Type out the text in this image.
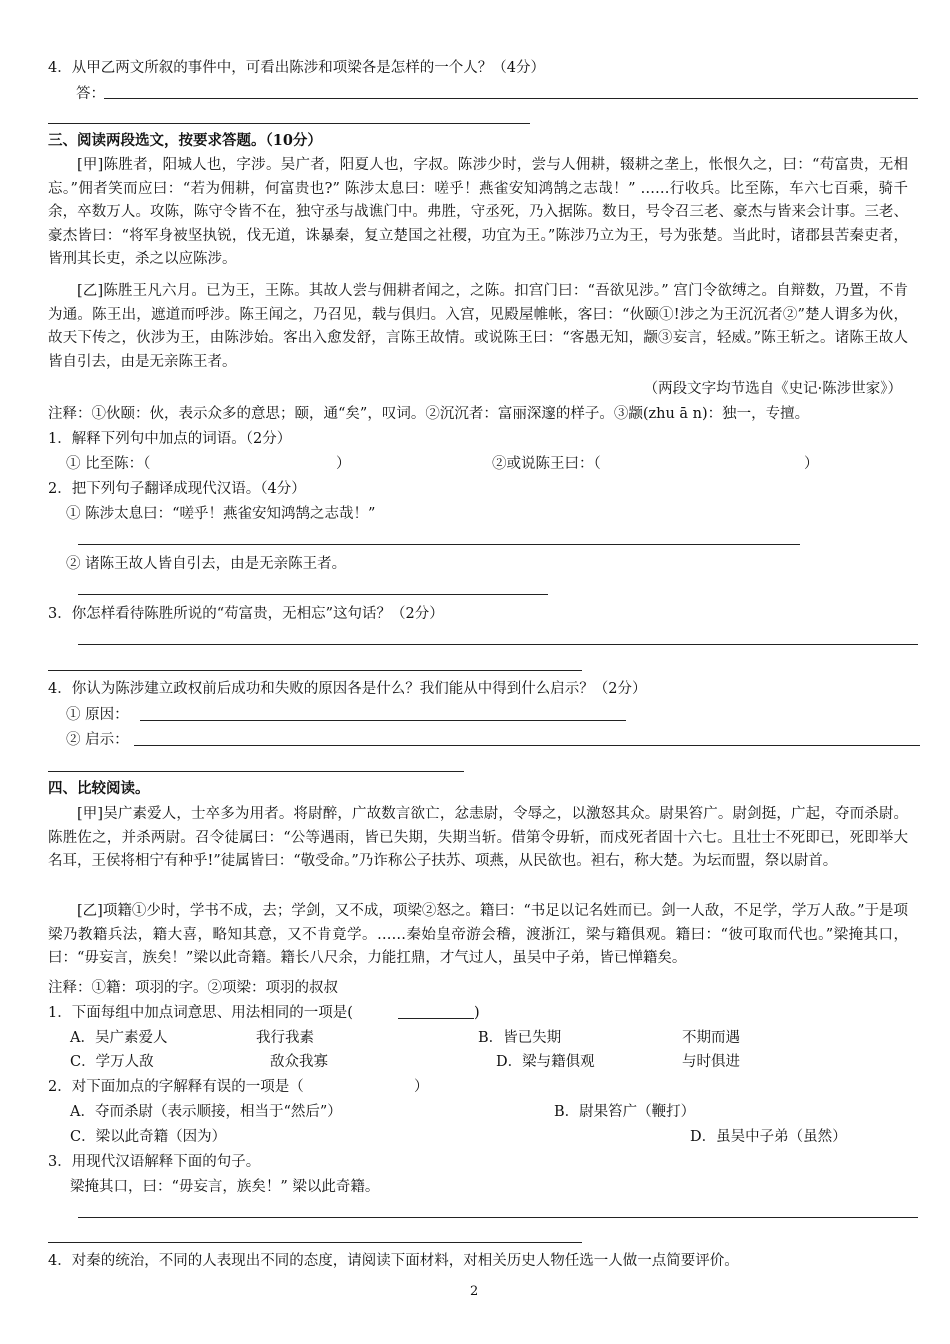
4．从甲乙两文所叙的事件中，可看出陈涉和项梁各是怎样的一个人？（4分）
答：
三、阅读两段选文，按要求答题。（10分）
[甲]陈胜者，阳城人也，字涉。吴广者，阳夏人也，字叔。陈涉少时，尝与人佣耕，辍耕之垄上，怅恨久之，曰：“苟富贵，无相忘。”佣者笑而应曰：“若为佣耕，何富贵也?” 陈涉太息曰：嗟乎！燕雀安知鸿鹄之志哉！” ……行收兵。比至陈，车六七百乘，骑千余，卒数万人。攻陈，陈守令皆不在，独守丞与战谯门中。弗胜，守丞死，乃入据陈。数日，号令召三老、豪杰与皆来会计事。三老、豪杰皆曰：“将军身被坚执锐，伐无道，诛暴秦，复立楚国之社稷，功宜为王。”陈涉乃立为王，号为张楚。当此时，诸郡县苦秦吏者，皆刑其长吏，杀之以应陈涉。
[乙]陈胜王凡六月。已为王，王陈。其故人尝与佣耕者闻之，之陈。扣宫门曰：“吾欲见涉。” 宫门令欲缚之。自辩数，乃置，不肯为通。陈王出，遮道而呼涉。陈王闻之，乃召见，载与俱归。入宫，见殿屋帷帐，客曰：“伙颐①!涉之为王沉沉者②”楚人谓多为伙，故天下传之，伙涉为王，由陈涉始。客出入愈发舒，言陈王故情。或说陈王曰：“客愚无知，颛③妄言，轻威。”陈王斩之。诸陈王故人皆自引去，由是无亲陈王者。
（两段文字均节选自《史记·陈涉世家》）
注释：①伙颐：伙，表示众多的意思；颐，通“矣”，叹词。②沉沉者：富丽深邃的样子。③颛(zhu ā n)：独一，专擅。
1．解释下列句中加点的词语。（2分）
① 比至陈：（	）	②或说陈王曰：（	）
2．把下列句子翻译成现代汉语。（4分）
① 陈涉太息曰：“嗟乎！燕雀安知鸿鹄之志哉！”
② 诸陈王故人皆自引去，由是无亲陈王者。
3．你怎样看待陈胜所说的“苟富贵，无相忘”这句话？（2分）
4．你认为陈涉建立政权前后成功和失败的原因各是什么？我们能从中得到什么启示？（2分）
① 原因：
② 启示：
四、比较阅读。
[甲]吴广素爱人，士卒多为用者。将尉醉，广故数言欲亡，忿恚尉，令辱之，以激怒其众。尉果笞广。尉剑挺，广起，夺而杀尉。陈胜佐之，并杀两尉。召令徒属曰：“公等遇雨，皆已失期，失期当斩。借第令毋斩，而戍死者固十六七。且壮士不死即已，死即举大名耳，王侯将相宁有种乎!”徒属皆曰：“敬受命。”乃诈称公子扶苏、项燕，从民欲也。袒右，称大楚。为坛而盟，祭以尉首。
[乙]项籍①少时，学书不成，去；学剑，又不成，项梁②怒之。籍曰：“书足以记名姓而已。剑一人敌，不足学，学万人敌。”于是项梁乃教籍兵法，籍大喜，略知其意，又不肯竟学。……秦始皇帝游会稽，渡浙江，梁与籍俱观。籍曰：“彼可取而代也。”梁掩其口，曰：“毋妄言，族矣！”梁以此奇籍。籍长八尺余，力能扛鼎，才气过人，虽吴中子弟，皆已惮籍矣。
注释：①籍：项羽的字。②项梁：项羽的叔叔
1．下面每组中加点词意思、用法相同的一项是(	)
A．吴广素爱人	我行我素	B．皆已失期	不期而遇
C．学万人敌	敌众我寡	D．梁与籍俱观	与时俱进
2．对下面加点的字解释有误的一项是（	）
A．夺而杀尉（表示顺接，相当于“然后”）	B．尉果笞广（鞭打）
C．梁以此奇籍（因为）	D．虽吴中子弟（虽然）
3．用现代汉语解释下面的句子。
梁掩其口，曰：“毋妄言，族矣！” 梁以此奇籍。
4．对秦的统治，不同的人表现出不同的态度，请阅读下面材料，对相关历史人物任选一人做一点简要评价。
2
